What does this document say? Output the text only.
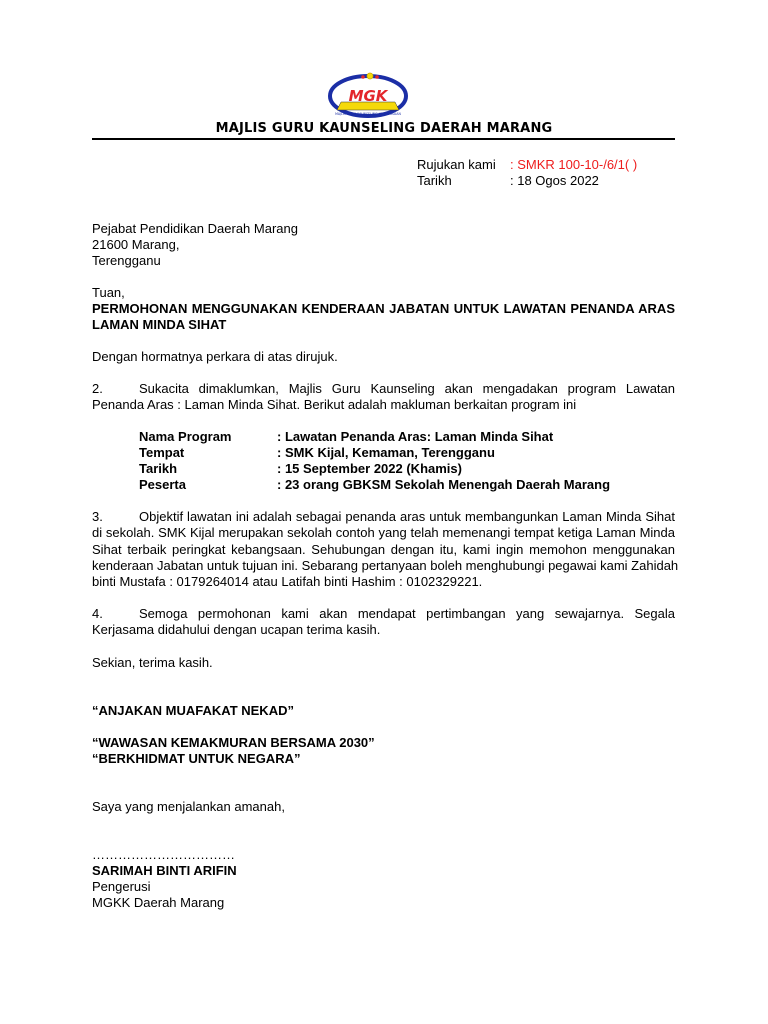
MGK
MAJLIS GURU KAUNSELING KEBANGSAAN
MAJLIS GURU KAUNSELING DAERAH MARANG
Rujukan kami : SMKR 100-10-/6/1( )
Tarikh	: 18 Ogos 2022
Pejabat Pendidikan Daerah Marang
21600 Marang,
Terengganu
Tuan,
PERMOHONAN MENGGUNAKAN KENDERAAN JABATAN UNTUK LAWATAN PENANDA ARAS
LAMAN MINDA SIHAT
Dengan hormatnya perkara di atas dirujuk.
2.	Sukacita dimaklumkan, Majlis Guru Kaunseling akan mengadakan program Lawatan
Penanda Aras : Laman Minda Sihat. Berikut adalah makluman berkaitan program ini
Nama Program	: Lawatan Penanda Aras: Laman Minda Sihat
Tempat	: SMK Kijal, Kemaman, Terengganu
Tarikh	: 15 September 2022 (Khamis)
Peserta	: 23 orang GBKSM Sekolah Menengah Daerah Marang
3.	Objektif lawatan ini adalah sebagai penanda aras untuk membangunkan Laman Minda Sihat
di sekolah. SMK Kijal merupakan sekolah contoh yang telah memenangi tempat ketiga Laman Minda
Sihat terbaik peringkat kebangsaan. Sehubungan dengan itu, kami ingin memohon menggunakan
kenderaan Jabatan untuk tujuan ini. Sebarang pertanyaan boleh menghubungi pegawai kami Zahidah
binti Mustafa : 0179264014 atau Latifah binti Hashim : 0102329221.
4.	Semoga permohonan kami akan mendapat pertimbangan yang sewajarnya. Segala
Kerjasama didahului dengan ucapan terima kasih.
Sekian, terima kasih.
“ANJAKAN MUAFAKAT NEKAD”
“WAWASAN KEMAKMURAN BERSAMA 2030”
“BERKHIDMAT UNTUK NEGARA”
Saya yang menjalankan amanah,
……………………………
SARIMAH BINTI ARIFIN
Pengerusi
MGKK Daerah Marang
